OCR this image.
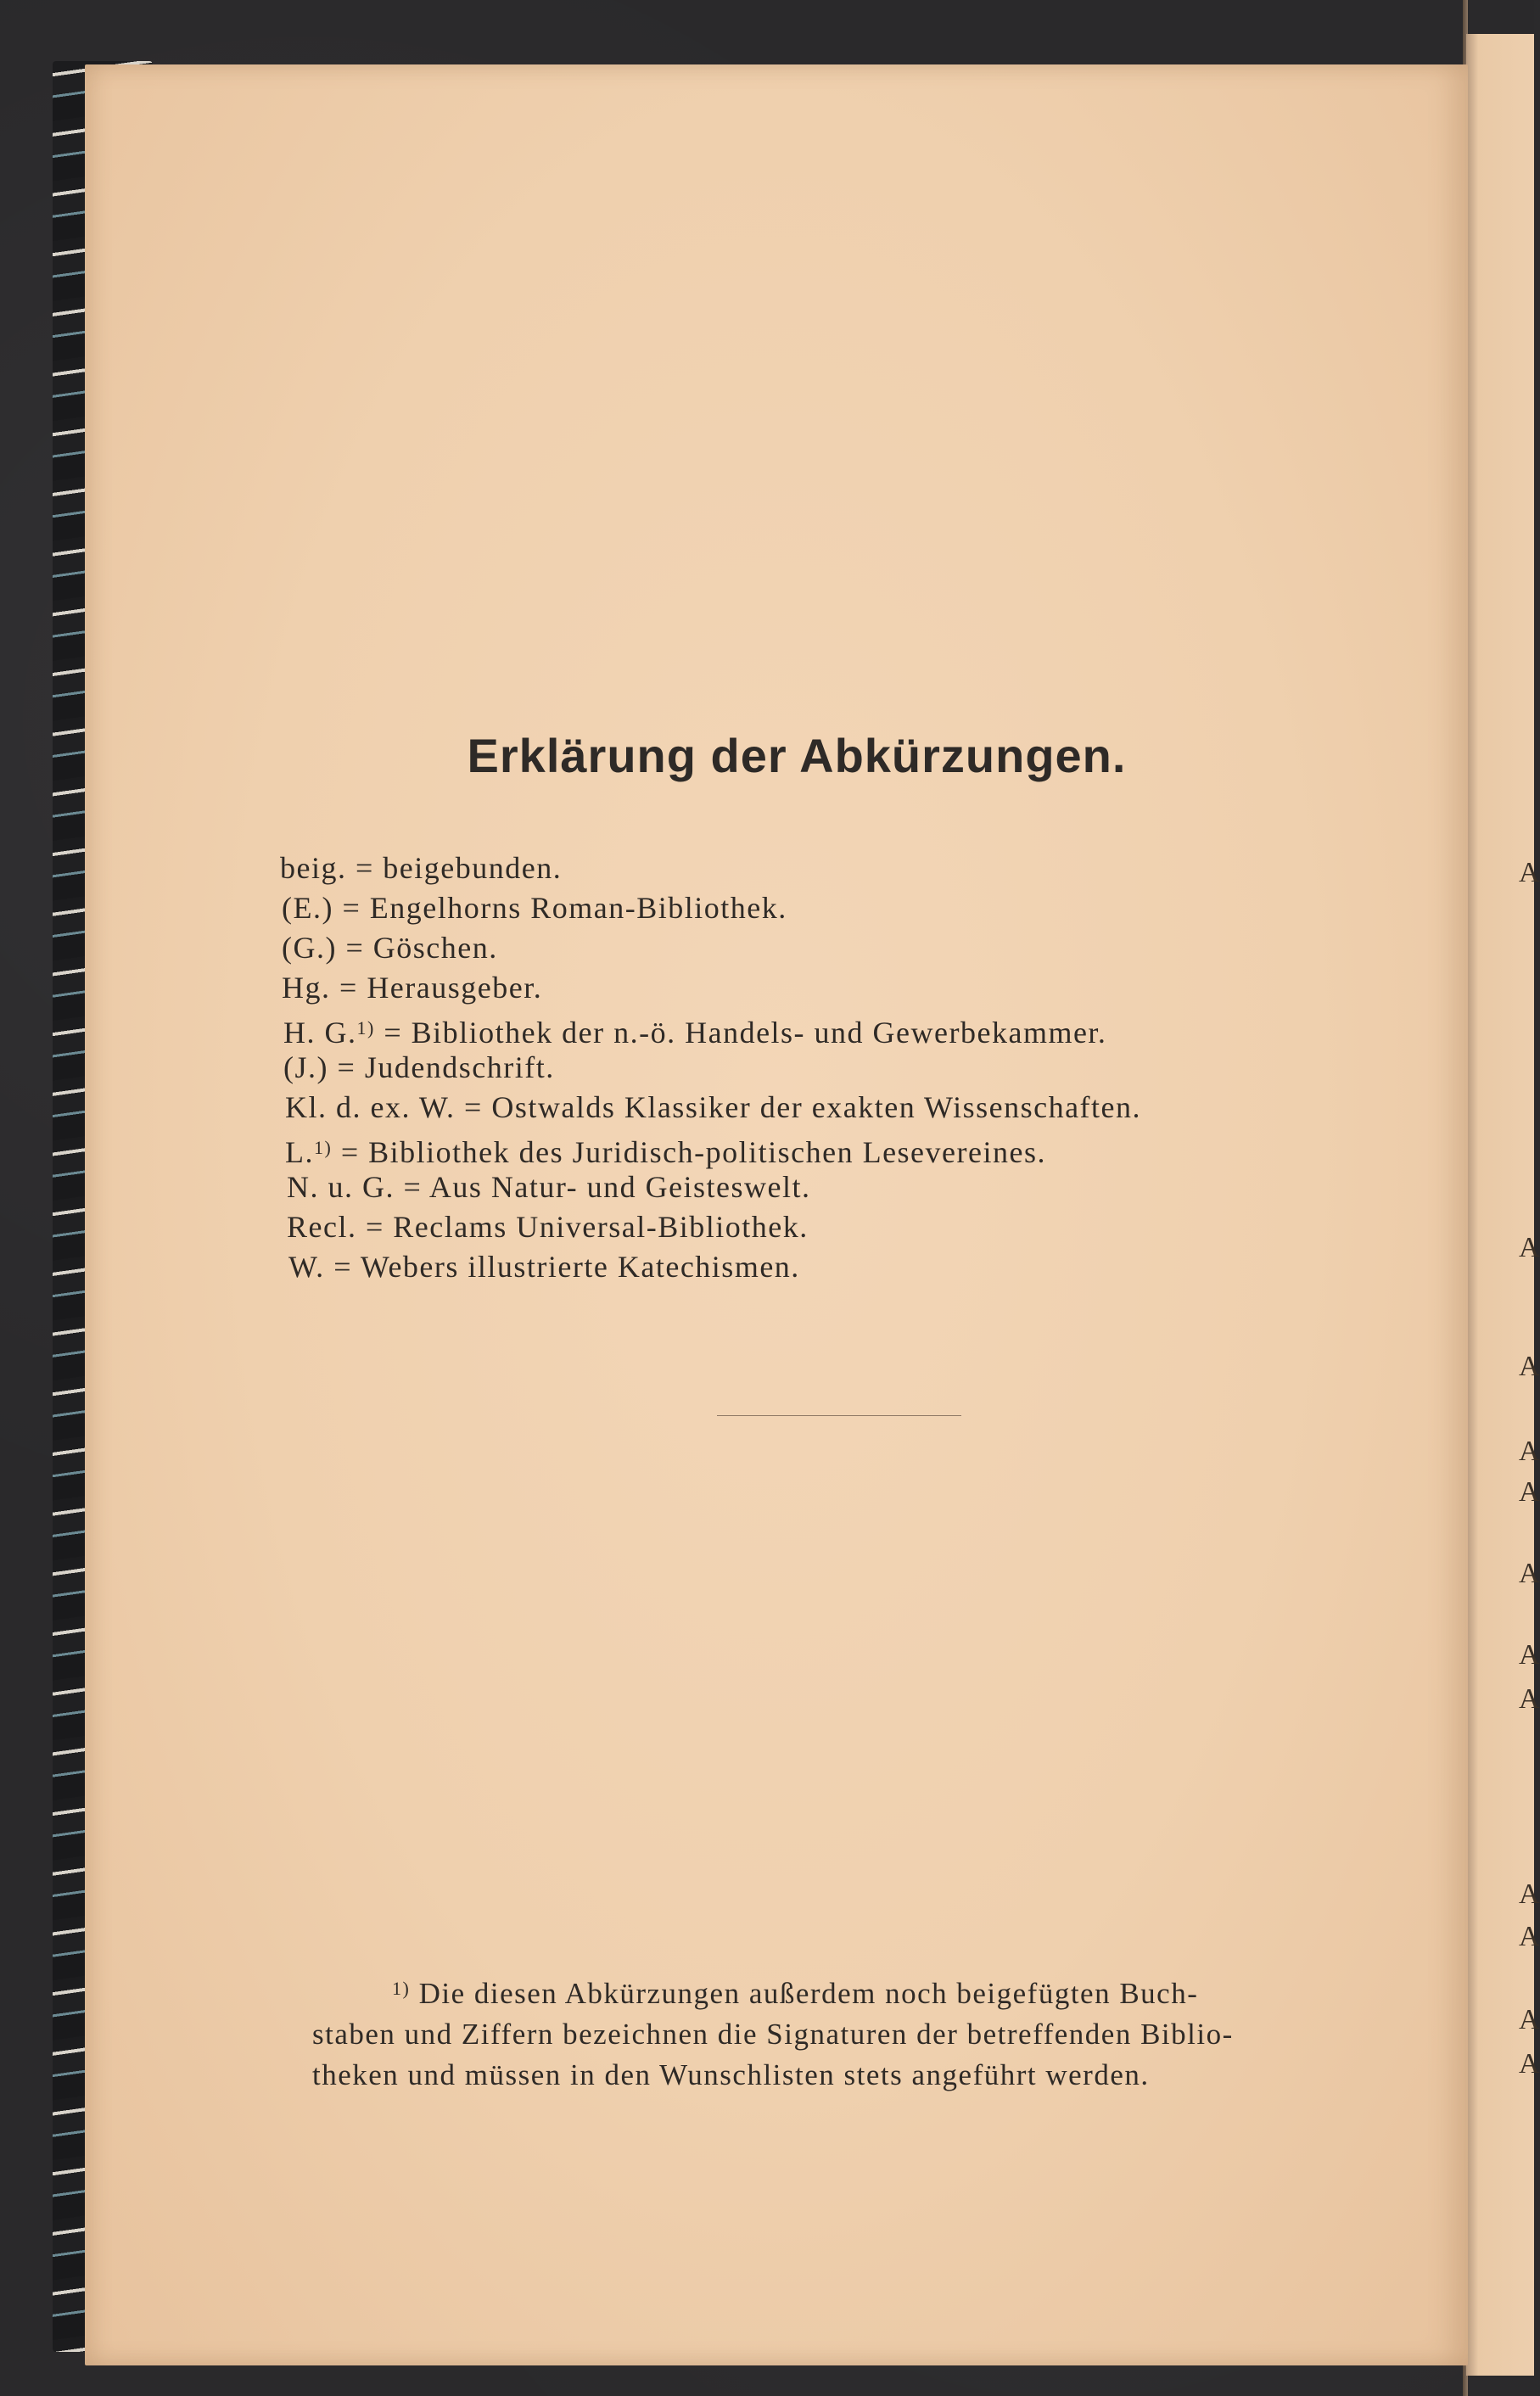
A
A
A
A
A
A
A
A
A
A
A
A
Erklärung der Abkürzungen.
beig. = beigebunden.
(E.) = Engelhorns Roman-Bibliothek.
(G.) = Göschen.
Hg. = Herausgeber.
H. G.$^{1)}$ = Bibliothek der n.-ö. Handels- und Gewerbekammer.
(J.) = Judendschrift.
Kl. d. ex. W. = Ostwalds Klassiker der exakten Wissenschaften.
L.$^{1)}$ = Bibliothek des Juridisch-politischen Lesevereines.
N. u. G. = Aus Natur- und Geisteswelt.
Recl. = Reclams Universal-Bibliothek.
W. = Webers illustrierte Katechismen.
$^{1)}$ Die diesen Abkürzungen außerdem noch beigefügten Buch-
staben und Ziffern bezeichnen die Signaturen der betreffenden Biblio-
theken und müssen in den Wunschlisten stets angeführt werden.
